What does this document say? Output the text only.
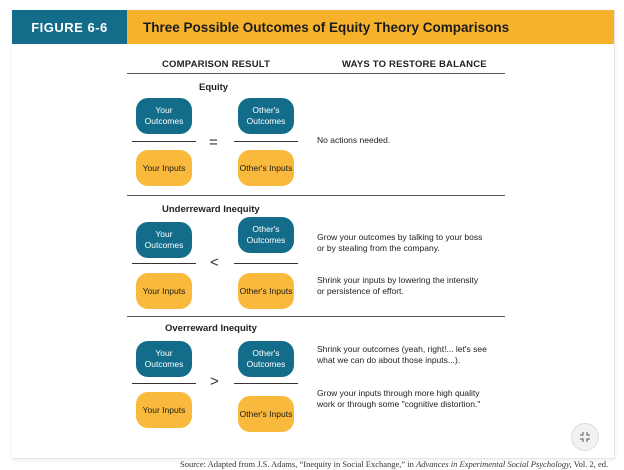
FIGURE 6-6	Three Possible Outcomes of Equity Theory Comparisons
COMPARISON RESULT	WAYS TO RESTORE BALANCE
Equity
Your Outcomes
Other's Outcomes
=
Your Inputs	Other's Inputs
No actions needed.
Underreward Inequity
Your Outcomes
Other's Outcomes
<
Your Inputs	Other's Inputs
Grow your outcomes by talking to your boss or by stealing from the company.
Shrink your inputs by lowering the intensity or persistence of effort.
Overreward Inequity
Your Outcomes
Other's Outcomes
>
Your Inputs	Other's Inputs
Shrink your outcomes (yeah, right!... let's see what we can do about those inputs...).
Grow your inputs through more high quality work or through some "cognitive distortion."
Source: Adapted from J.S. Adams, “Inequity in Social Exchange,” in Advances in Experimental Social Psychology, Vol. 2, ed.
